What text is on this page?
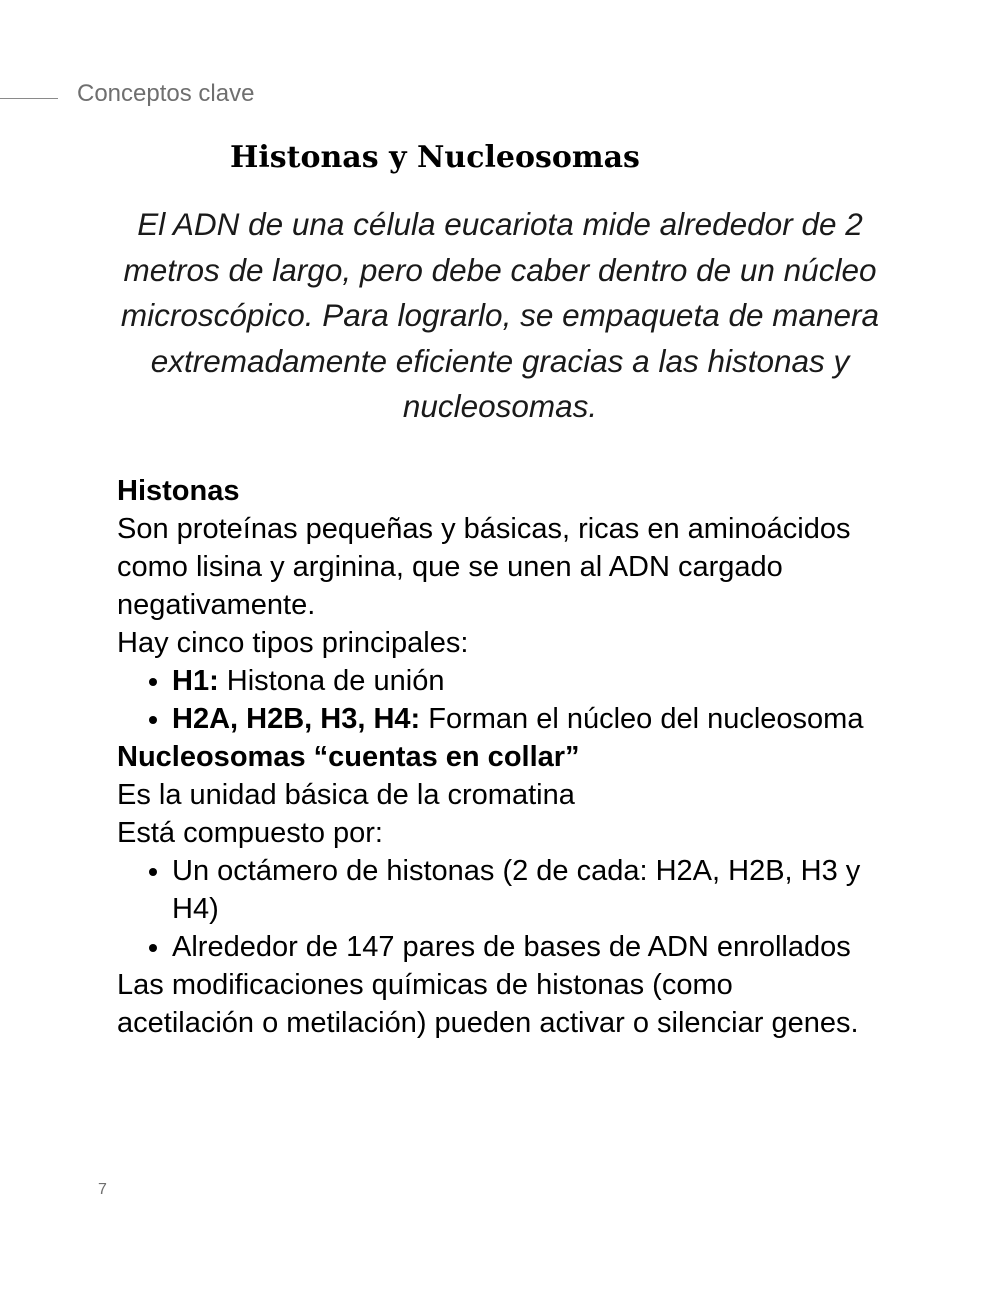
Conceptos clave
Histonas y Nucleosomas

El ADN de una célula eucariota mide alrededor de 2 metros de largo, pero debe caber dentro de un núcleo microscópico. Para lograrlo, se empaqueta de manera extremadamente eficiente gracias a las histonas y nucleosomas.

Histonas

Son proteínas pequeñas y básicas, ricas en aminoácidos como lisina y arginina, que se unen al ADN cargado negativamente.

Hay cinco tipos principales:

• H1: Histona de unión
• H2A, H2B, H3, H4: Forman el núcleo del nucleosoma

Nucleosomas “cuentas en collar”

Es la unidad básica de la cromatina

Está compuesto por:

• Un octámero de histonas (2 de cada: H2A, H2B, H3 y H4)
• Alrededor de 147 pares de bases de ADN enrollados

Las modificaciones químicas de histonas (como acetilación o metilación) pueden activar o silenciar genes.

7
